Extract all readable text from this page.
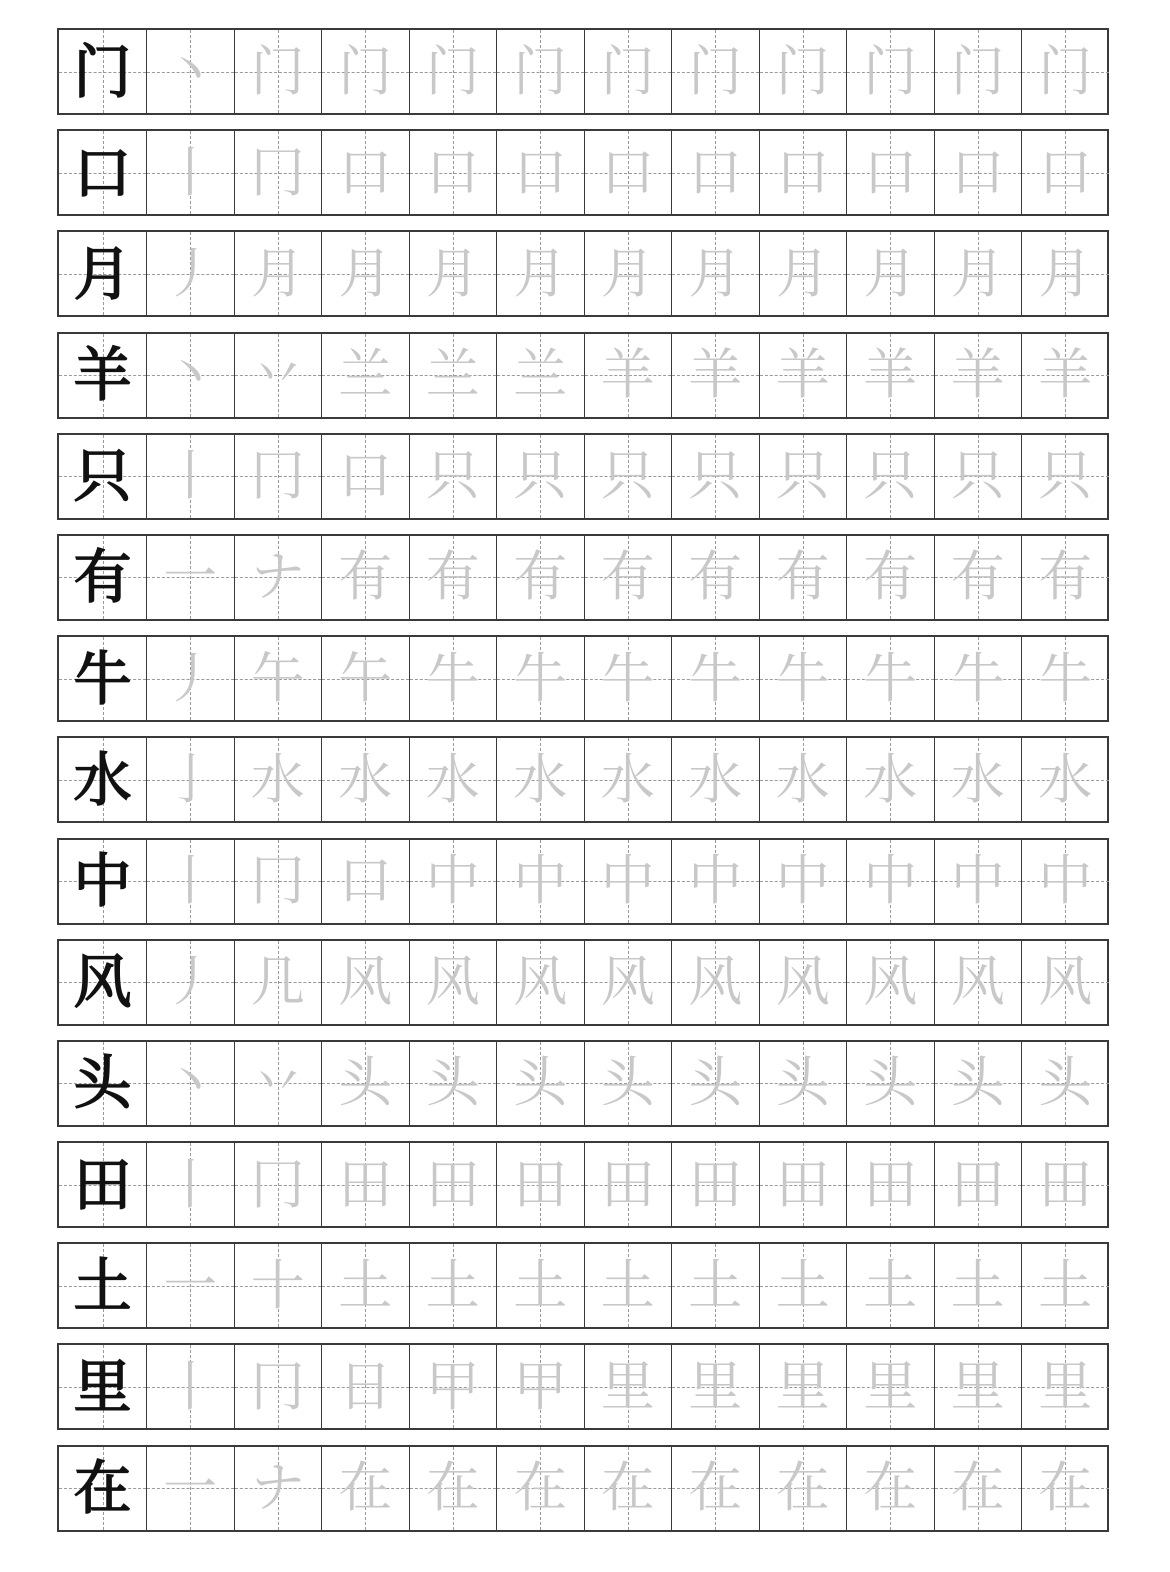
门 丶 门 门 门 门 门 门 门 门 门 门
口 丨 冂 口 口 口 口 口 口 口 口 口
月 丿 月 月 月 月 月 月 月 月 月 月
羊 丶 丷 兰 兰 兰 羊 羊 羊 羊 羊 羊
只 丨 冂 口 只 只 只 只 只 只 只 只
有 一 ナ 有 有 有 有 有 有 有 有 有
牛 丿 午 午 牛 牛 牛 牛 牛 牛 牛 牛
水 亅 水 水 水 水 水 水 水 水 水 水
中 丨 冂 口 中 中 中 中 中 中 中 中
风 丿 几 风 风 风 风 风 风 风 风 风
头 丶 丷 头 头 头 头 头 头 头 头 头
田 丨 冂 田 田 田 田 田 田 田 田 田
土 一 十 土 土 土 土 土 土 土 土 土
里 丨 冂 日 甲 甲 里 里 里 里 里 里
在 一 ナ 在 在 在 在 在 在 在 在 在
